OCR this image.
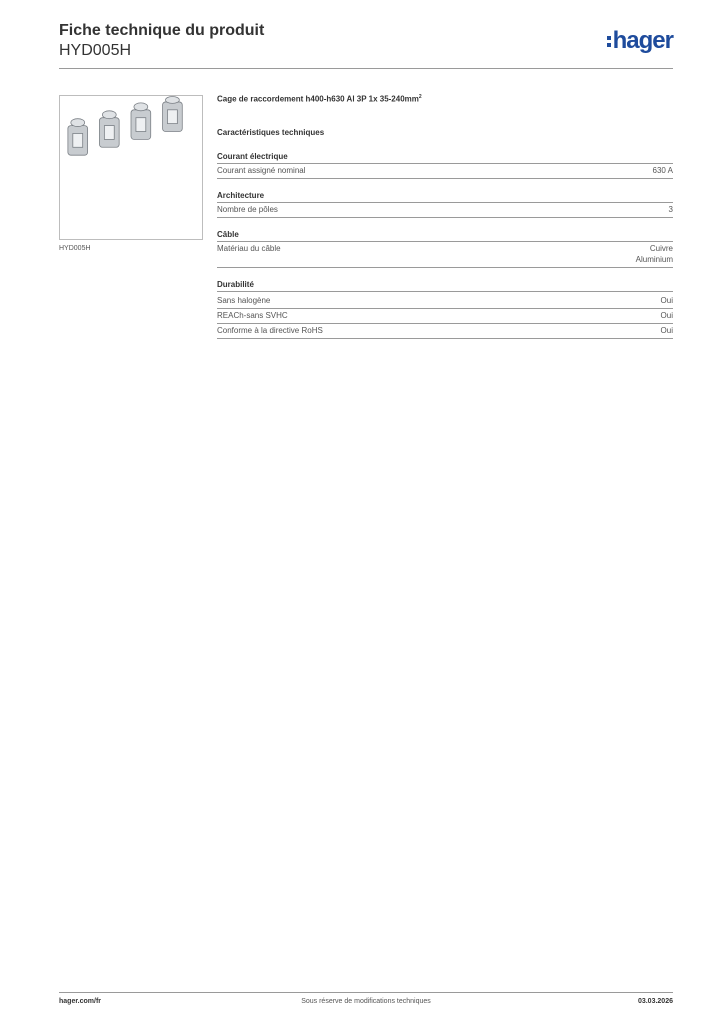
Fiche technique du produit
HYD005H	hager
HYD005H
Cage de raccordement h400-h630 Al 3P 1x $35-240mm^2$
Caractéristiques techniques
Courant électrique
Courant assigné nominal	630 A
Architecture
Nombre de pôles	3
Câble
Matériau du câble	Cuivre
Aluminium
Durabilité
Sans halogène	Oui
REACh-sans SVHC	Oui
Conforme à la directive RoHS	Oui
hager.com/fr	Sous réserve de modifications techniques	03.03.2026
